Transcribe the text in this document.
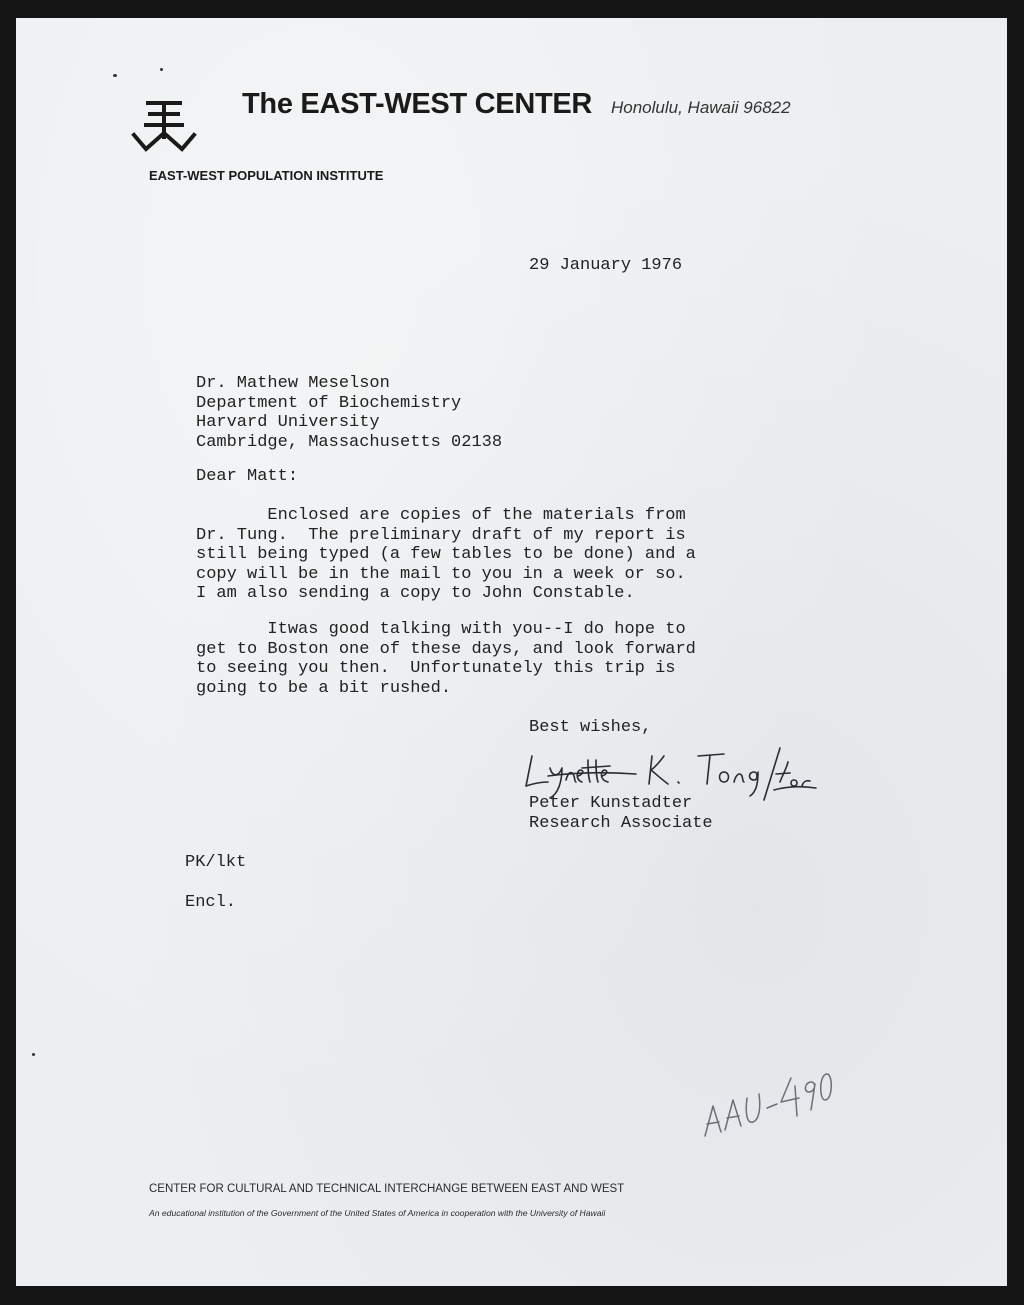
The EAST-WEST CENTER Honolulu, Hawaii 96822
EAST-WEST POPULATION INSTITUTE
29 January 1976
Dr. Mathew Meselson
Department of Biochemistry
Harvard University
Cambridge, Massachusetts 02138
Dear Matt:
Enclosed are copies of the materials from
Dr. Tung.  The preliminary draft of my report is
still being typed (a few tables to be done) and a
copy will be in the mail to you in a week or so.
I am also sending a copy to John Constable.
Itwas good talking with you--I do hope to
get to Boston one of these days, and look forward
to seeing you then.  Unfortunately this trip is
going to be a bit rushed.
Best wishes,
Peter Kunstadter
Research Associate
PK/lkt
Encl.
CENTER FOR CULTURAL AND TECHNICAL INTERCHANGE BETWEEN EAST AND WEST
An educational institution of the Government of the United States of America in cooperation with the University of Hawaii
